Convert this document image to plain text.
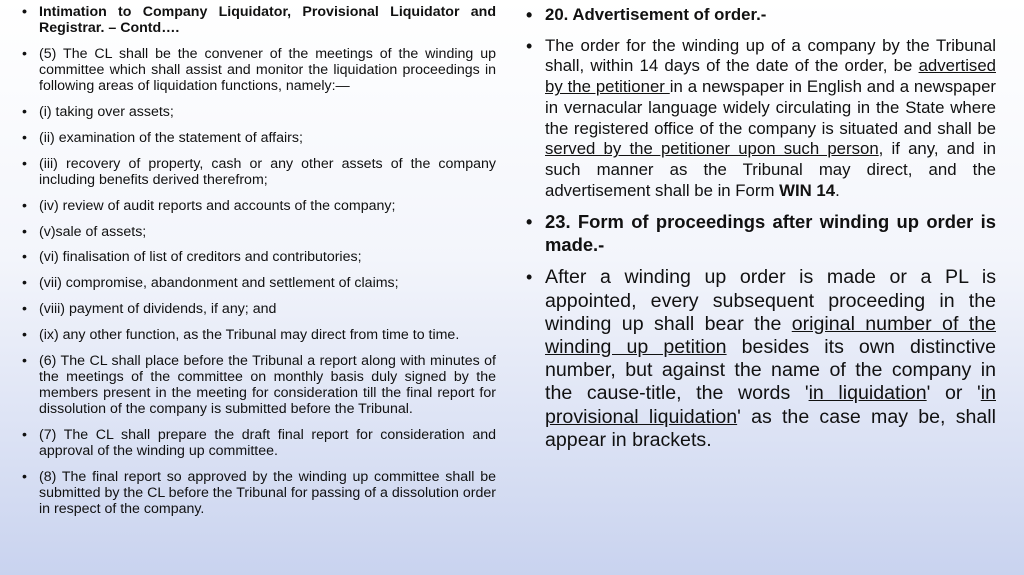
• Intimation to Company Liquidator, Provisional Liquidator and Registrar. – Contd….
• (5) The CL shall be the convener of the meetings of the winding up committee which shall assist and monitor the liquidation proceedings in following areas of liquidation functions, namely:—
• (i) taking over assets;
• (ii) examination of the statement of affairs;
• (iii) recovery of property, cash or any other assets of the company including benefits derived therefrom;
• (iv) review of audit reports and accounts of the company;
• (v)sale of assets;
• (vi) finalisation of list of creditors and contributories;
• (vii) compromise, abandonment and settlement of claims;
• (viii) payment of dividends, if any; and
• (ix) any other function, as the Tribunal may direct from time to time.
• (6) The CL shall place before the Tribunal a report along with minutes of the meetings of the committee on monthly basis duly signed by the members present in the meeting for consideration till the final report for dissolution of the company is submitted before the Tribunal.
• (7) The CL shall prepare the draft final report for consideration and approval of the winding up committee.
• (8) The final report so approved by the winding up committee shall be submitted by the CL before the Tribunal for passing of a dissolution order in respect of the company.
• 20. Advertisement of order.-
• The order for the winding up of a company by the Tribunal shall, within 14 days of the date of the order, be advertised by the petitioner in a newspaper in English and a newspaper in vernacular language widely circulating in the State where the registered office of the company is situated and shall be served by the petitioner upon such person, if any, and in such manner as the Tribunal may direct, and the advertisement shall be in Form WIN 14.
• 23. Form of proceedings after winding up order is made.-
• After a winding up order is made or a PL is appointed, every subsequent proceeding in the winding up shall bear the original number of the winding up petition besides its own distinctive number, but against the name of the company in the cause-title, the words 'in liquidation' or 'in provisional liquidation' as the case may be, shall appear in brackets.
